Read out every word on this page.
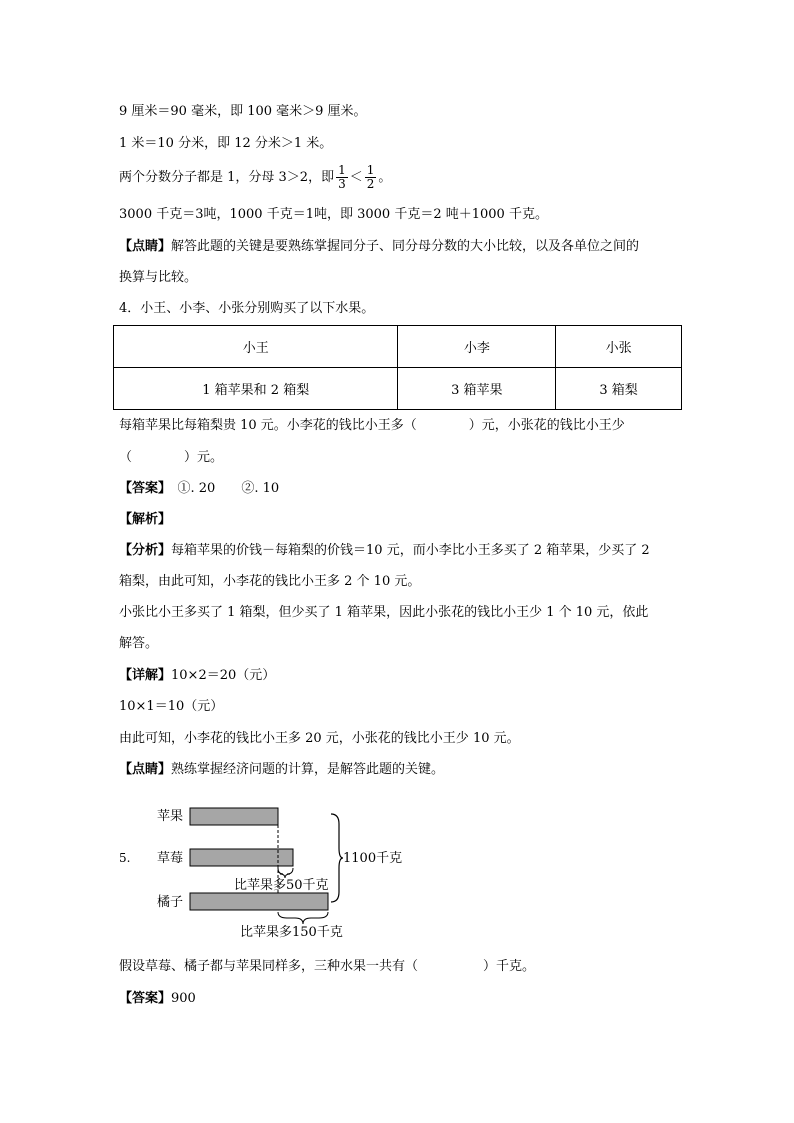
9 厘米＝90 毫米，即 100 毫米＞9 厘米。
1 米＝10 分米，即 12 分米＞1 米。
两个分数分子都是 1，分母 3＞2，即 $\frac{1}{3} < \frac{1}{2}$ 。
3000 千克＝3吨，1000 千克＝1吨，即 3000 千克＝2 吨＋1000 千克。
【点睛】解答此题的关键是要熟练掌握同分子、同分母分数的大小比较，以及各单位之间的
换算与比较。
4．小王、小李、小张分别购买了以下水果。
小王	小李	小张
1 箱苹果和 2 箱梨	3 箱苹果	3 箱梨
每箱苹果比每箱梨贵 10 元。小李花的钱比小王多（　　　　）元，小张花的钱比小王少
（　　　　）元。
【答案】　①. 20　　②. 10
【解析】
【分析】每箱苹果的价钱－每箱梨的价钱＝10 元，而小李比小王多买了 2 箱苹果，少买了 2
箱梨，由此可知，小李花的钱比小王多 2 个 10 元。
小张比小王多买了 1 箱梨，但少买了 1 箱苹果，因此小张花的钱比小王少 1 个 10 元，依此
解答。
【详解】10×2＝20（元）
10×1＝10（元）
由此可知，小李花的钱比小王多 20 元，小张花的钱比小王少 10 元。
【点睛】熟练掌握经济问题的计算，是解答此题的关键。
5.
苹果
草莓
橘子
比苹果多50千克
比苹果多150千克
1100千克
假设草莓、橘子都与苹果同样多，三种水果一共有（　　　　　）千克。
【答案】900
